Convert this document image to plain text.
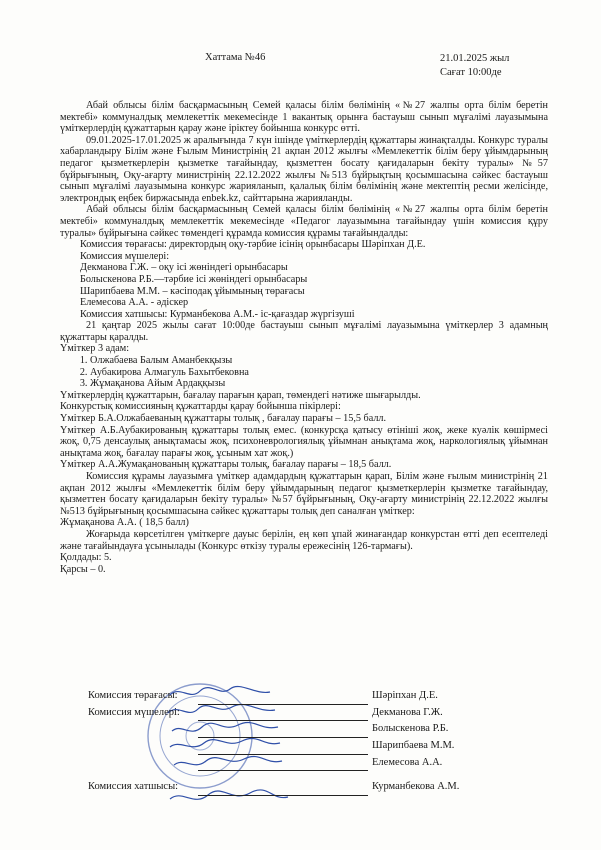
Хаттама №46	21.01.2025 жыл
Сағат 10:00де

Абай облысы білім басқармасының Семей қаласы білім бөлімінің «№27 жалпы орта білім беретін мектебі» коммуналдық мемлекеттік мекемесінде 1 вакантық орынға бастауыш сынып мұғалімі лауазымына үміткерлердің құжаттарын қарау және іріктеу бойынша конкурс өтті.

09.01.2025-17.01.2025 ж аралығында 7 күн ішінде үміткерлердің құжаттары жинақталды. Конкурс туралы хабарландыру Білім және Ғылым Министрінің 21 ақпан 2012 жылғы «Мемлекеттік білім беру ұйымдарының педагог қызметкерлерін қызметке тағайындау, қызметтен босату қағидаларын бекіту туралы» №57 бұйрығының, Оқу-ағарту министрінің 22.12.2022 жылғы №513 бұйрықтың қосымшасына сәйкес бастауыш сынып мұғалімі лауазымына конкурс жарияланып, қалалық білім бөлімінің және мектептің ресми желісінде, электрондық еңбек биржасында enbek.kz, сайттарына жарияланды.

Абай облысы білім басқармасының Семей қаласы білім бөлімінің «№27 жалпы орта білім беретін мектебі» коммуналдық мемлекеттік мекемесінде «Педагог лауазымына тағайындау үшін комиссия құру туралы» бұйрығына сәйкес төмендегі құрамда комиссия құрамы тағайындалды:

Комиссия төрағасы: директордың оқу-тәрбие ісінің орынбасары Шәріпхан Д.Е.

Комиссия мүшелері:

Декманова Г.Ж. – оқу ісі жөніндегі орынбасары

Болыскенова Р.Б.—тәрбие ісі жөніндегі орынбасары

Шарипбаева М.М. – кәсіподақ ұйымының төрағасы

Елемесова А.А. - әдіскер

Комиссия хатшысы: Курманбекова А.М.- іс-қағаздар жүргізуші

21 қаңтар 2025 жылы сағат 10:00де бастауыш сынып мұғалімі лауазымына үміткерлер 3 адамның құжаттары қаралды.

Үміткер 3 адам:

1. Олжабаева Балым Аманбекқызы
2. Аубакирова Алмагуль Бахытбековна
3. Жұмақанова Айым Ардаққызы

Үміткерлердің құжаттарын, бағалау парағын қарап, төмендегі нәтиже шығарылды.

Конкурстық комиссияның құжаттарды қарау бойынша пікірлері:

Үміткер Б.А.Олжабаеваның құжаттары толық , бағалау парағы – 15,5 балл.

Үміткер А.Б.Аубакированың құжаттары толық емес. (конкурсқа қатысу өтініші жоқ, жеке куәлік көшірмесі жоқ, 0,75 денсаулық анықтамасы жоқ, психоневрологиялық ұйымнан анықтама жоқ, наркологиялық ұйымнан анықтама жоқ, бағалау парағы жоқ, ұсыным хат жоқ.)

Үміткер А.А.Жумақанованың құжаттары толық, бағалау парағы – 18,5 балл.

Комиссия құрамы лауазымға үміткер адамдардың құжаттарын қарап, Білім және ғылым министрінің 21 ақпан 2012 жылғы «Мемлекеттік білім беру ұйымдарының педагог қызметкерлерін қызметке тағайындау, қызметтен босату қағидаларын бекіту туралы» №57 бұйрығының, Оқу-ағарту министрінің 22.12.2022 жылғы №513 бұйрығының қосымшасына сәйкес құжаттары толық деп саналған үміткер:

Жұмақанова А.А. ( 18,5 балл)

Жоғарыда көрсетілген үміткерге дауыс берілін, ең көп ұпай жинағандар конкурстан өтті деп есептеледі және тағайындауға ұсынылады (Конкурс өткізу туралы ережесінің 126-тармағы).

Қолдады: 5.

Қарсы – 0.

Комиссия төрағасы:	Шәріпхан Д.Е.
Комиссия мүшелері:	Декманова Г.Ж.
Болыскенова Р.Б.
Шарипбаева М.М.
Елемесова А.А.
Комиссия хатшысы:	Курманбекова А.М.
